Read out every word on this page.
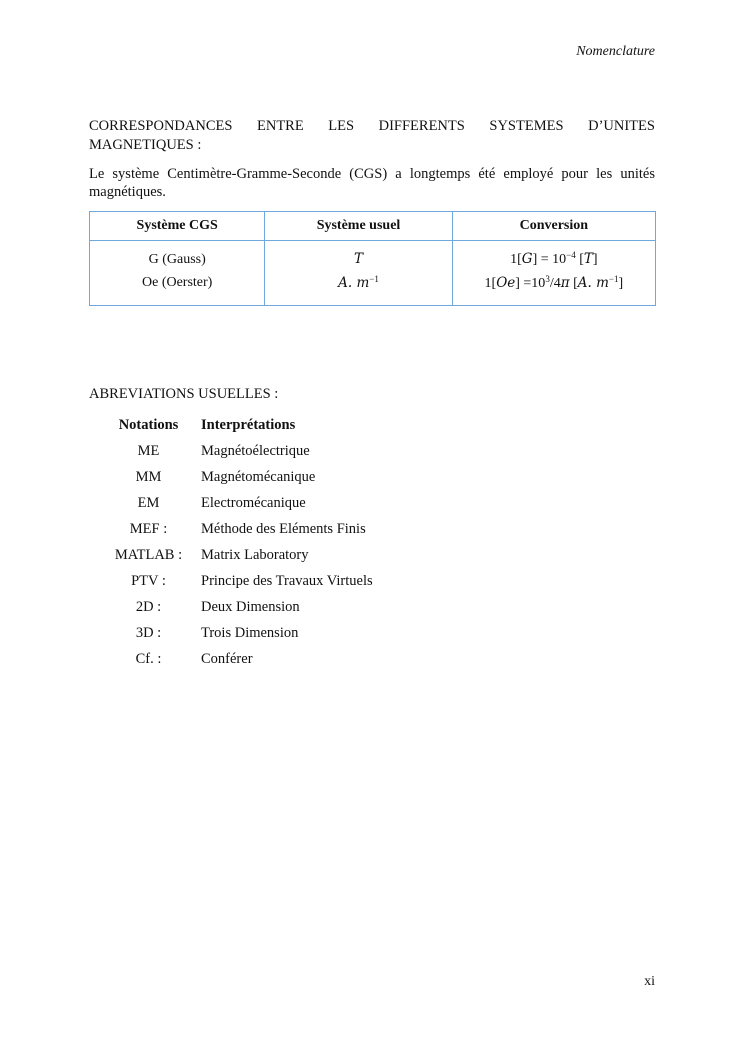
Nomenclature
CORRESPONDANCES ENTRE LES DIFFERENTS SYSTEMES D’UNITES
MAGNETIQUES :
Le système Centimètre-Gramme-Seconde (CGS) a longtemps été employé pour les unités
magnétiques.
Système CGS	Système usuel	Conversion
G (Gauss)	T	$1[G] = 10^{-4}$ [T]
Oe (Oerster)	A. $m^{-1}$	$1[Oe] =10^3/4\pi$ [A. $m^{-1}$]
ABREVIATIONS USUELLES :
Notations	Interprétations
ME	Magnétoélectrique
MM	Magnétomécanique
EM	Electromécanique
MEF :	Méthode des Eléments Finis
MATLAB :	Matrix Laboratory
PTV :	Principe des Travaux Virtuels
2D :	Deux Dimension
3D :	Trois Dimension
Cf. :	Conférer
xi
